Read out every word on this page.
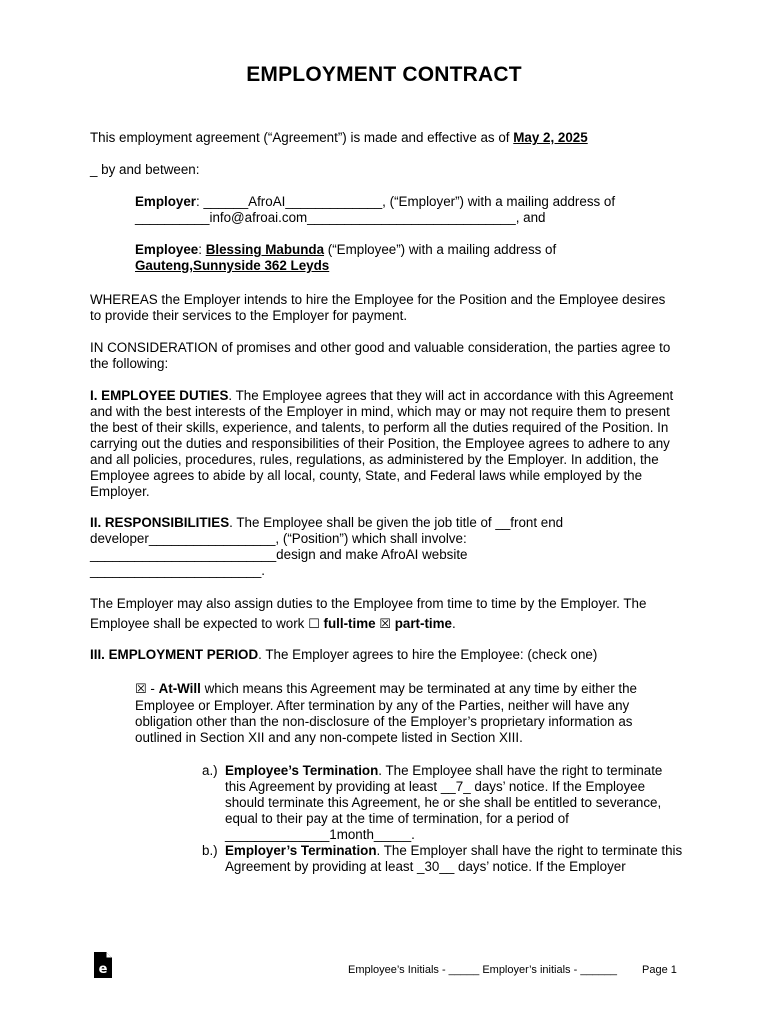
EMPLOYMENT CONTRACT

This employment agreement (“Agreement”) is made and effective as of May 2, 2025

_ by and between:

Employer: ______AfroAI_____________, (“Employer”) with a mailing address of
__________info@afroai.com____________________________, and

Employee: Blessing Mabunda (“Employee”) with a mailing address of
Gauteng,Sunnyside 362 Leyds

WHEREAS the Employer intends to hire the Employee for the Position and the Employee desires to provide their services to the Employer for payment.

IN CONSIDERATION of promises and other good and valuable consideration, the parties agree to the following:

I. EMPLOYEE DUTIES. The Employee agrees that they will act in accordance with this Agreement and with the best interests of the Employer in mind, which may or may not require them to present the best of their skills, experience, and talents, to perform all the duties required of the Position. In carrying out the duties and responsibilities of their Position, the Employee agrees to adhere to any and all policies, procedures, rules, regulations, as administered by the Employer. In addition, the Employee agrees to abide by all local, county, State, and Federal laws while employed by the Employer.

II. RESPONSIBILITIES. The Employee shall be given the job title of __front end
developer_________________, (“Position”) which shall involve:
_________________________design and make AfroAI website
_______________________.

The Employer may also assign duties to the Employee from time to time by the Employer. The
Employee shall be expected to work ☐ full-time ☒ part-time.

III. EMPLOYMENT PERIOD. The Employer agrees to hire the Employee: (check one)

☒ - At-Will which means this Agreement may be terminated at any time by either the Employee or Employer. After termination by any of the Parties, neither will have any obligation other than the non-disclosure of the Employer’s proprietary information as outlined in Section XII and any non-compete listed in Section XIII.

a.) Employee’s Termination. The Employee shall have the right to terminate this Agreement by providing at least __7_ days’ notice. If the Employee should terminate this Agreement, he or she shall be entitled to severance, equal to their pay at the time of termination, for a period of ______________1month_____.
b.) Employer’s Termination. The Employer shall have the right to terminate this Agreement by providing at least _30__ days’ notice. If the Employer
e	Employee’s Initials - _____ Employer’s initials - ______ Page 1
